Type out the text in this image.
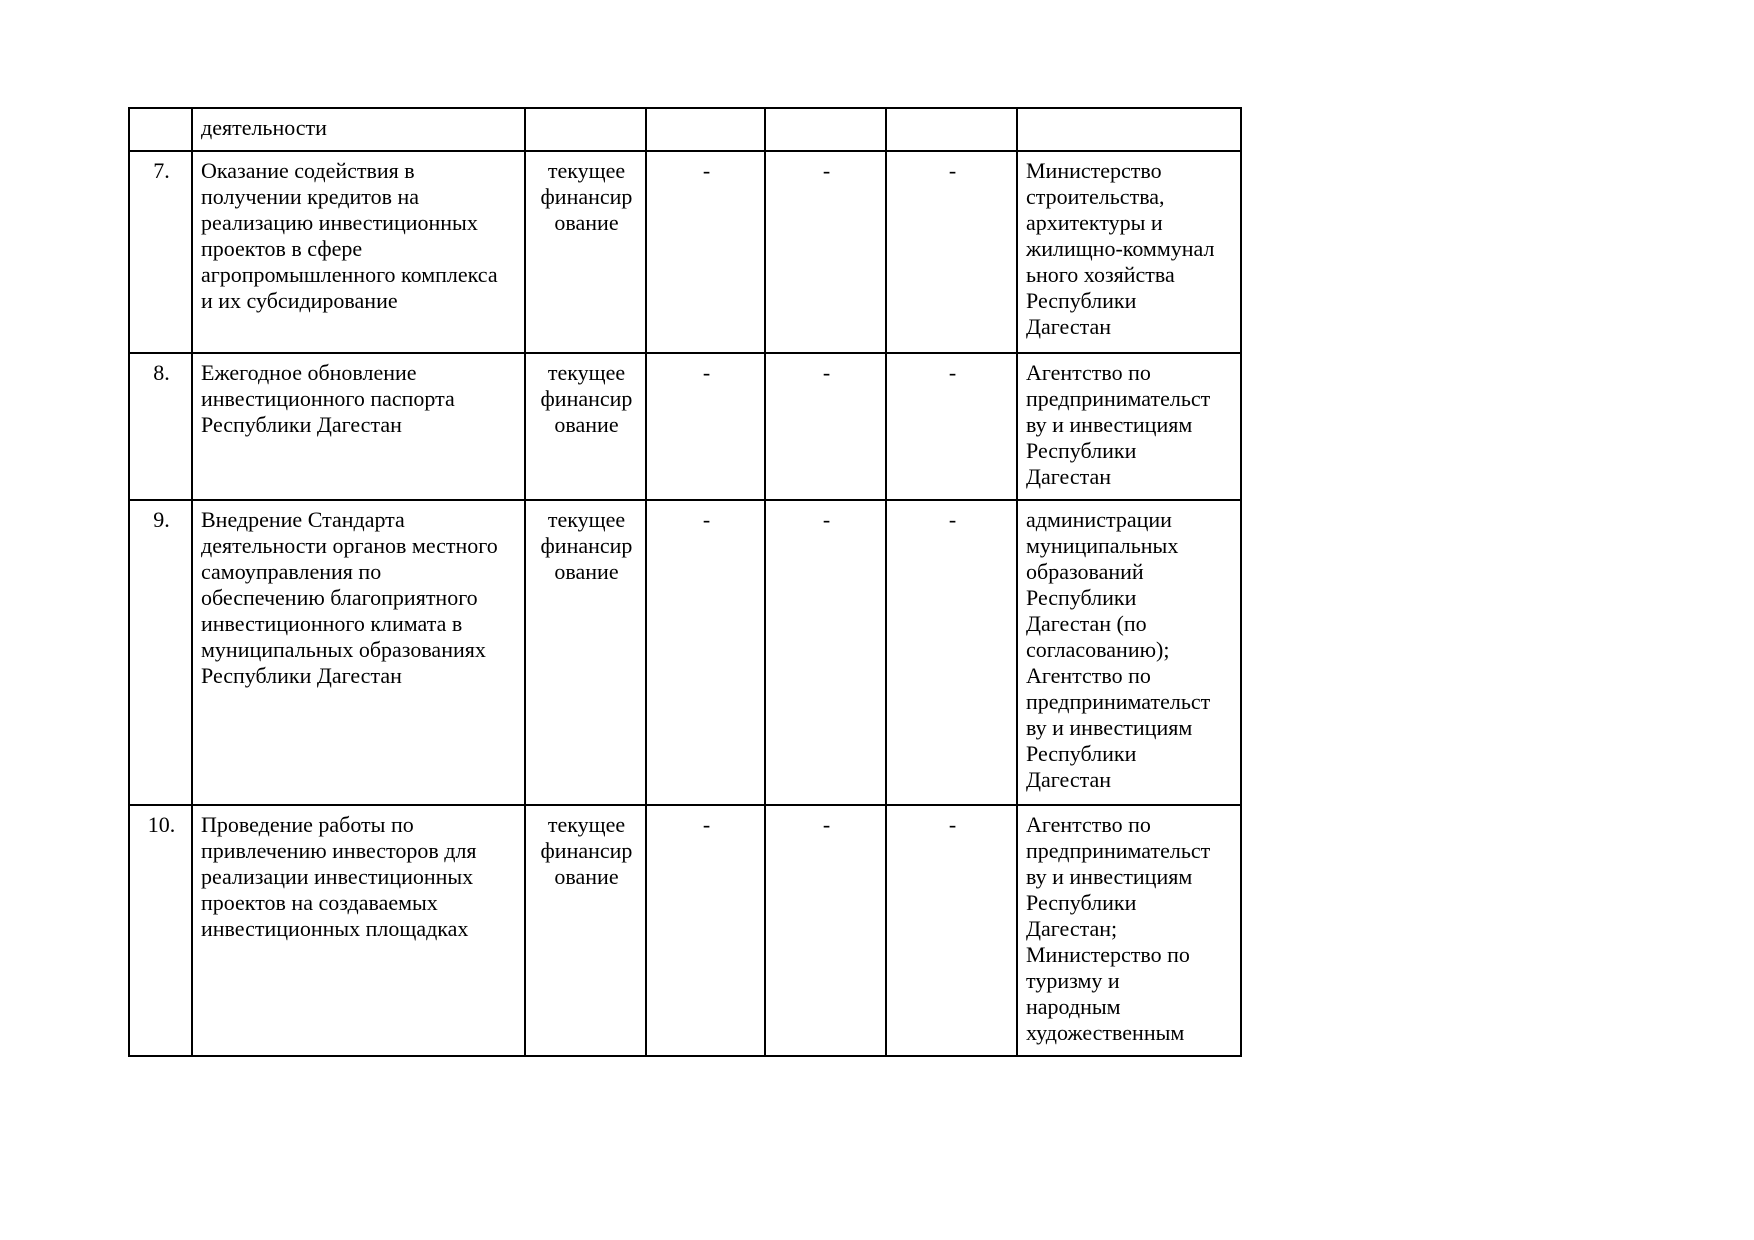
	деятельности					
7.	Оказание содействия в
получении кредитов на
реализацию инвестиционных
проектов в сфере
агропромышленного комплекса
и их субсидирование	текущее
финансир
ование	-	-	-	Министерство
строительства,
архитектуры и
жилищно-коммунал
ьного хозяйства
Республики
Дагестан
8.	Ежегодное обновление
инвестиционного паспорта
Республики Дагестан	текущее
финансир
ование	-	-	-	Агентство по
предпринимательст
ву и инвестициям
Республики
Дагестан
9.	Внедрение Стандарта
деятельности органов местного
самоуправления по
обеспечению благоприятного
инвестиционного климата в
муниципальных образованиях
Республики Дагестан	текущее
финансир
ование	-	-	-	администрации
муниципальных
образований
Республики
Дагестан (по
согласованию);
Агентство по
предпринимательст
ву и инвестициям
Республики
Дагестан
10.	Проведение работы по
привлечению инвесторов для
реализации инвестиционных
проектов на создаваемых
инвестиционных площадках	текущее
финансир
ование	-	-	-	Агентство по
предпринимательст
ву и инвестициям
Республики
Дагестан;
Министерство по
туризму и
народным
художественным
